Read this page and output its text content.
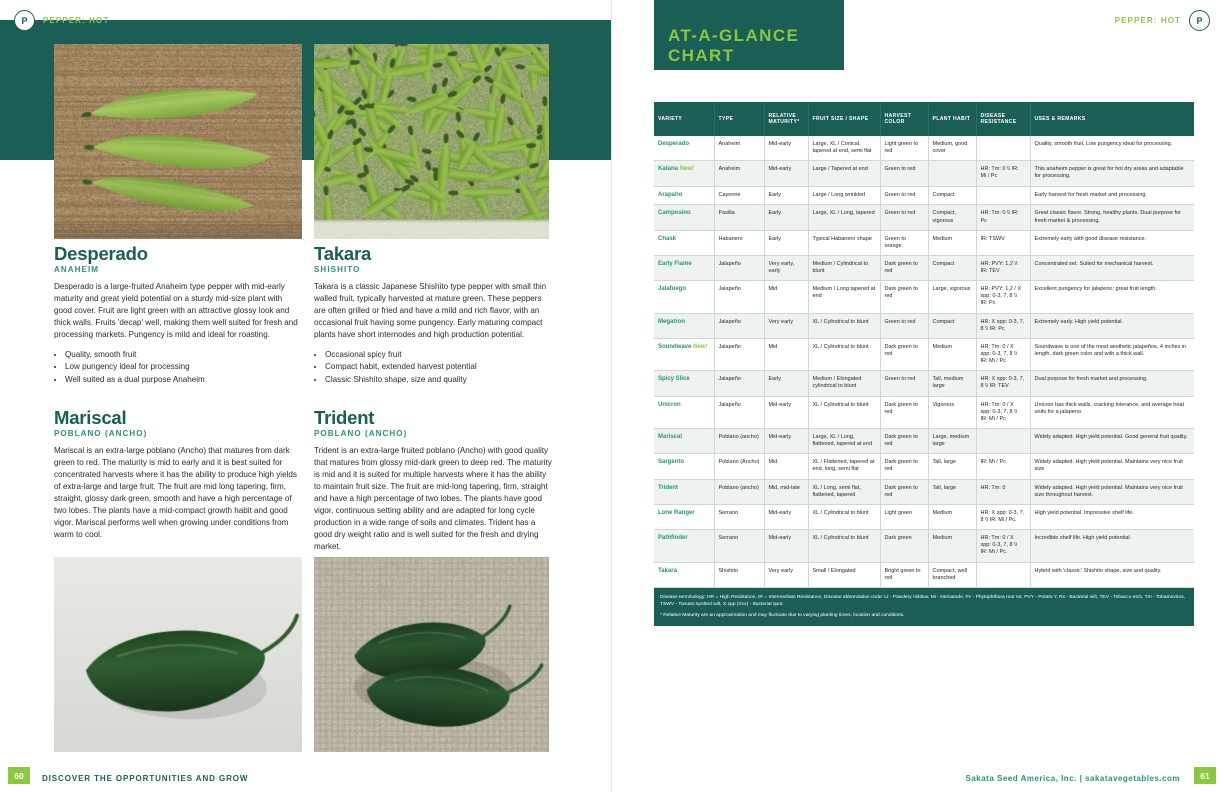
P	PEPPER: HOT
Desperado
ANAHEIM

Desperado is a large-fruited Anaheim type pepper with mid-early maturity and great yield potential on a sturdy mid-size plant with good cover. Fruit are light green with an attractive glossy look and thick walls. Fruits 'decap' well, making them well suited for fresh and processing markets. Pungency is mild and ideal for roasting.

• Quality, smooth fruit
• Low pungency ideal for processing
• Well suited as a dual purpose Anaheim
Takara
SHISHITO

Takara is a classic Japanese Shishito type pepper with small thin walled fruit, typically harvested at mature green. These peppers are often grilled or fried and have a mild and rich flavor, with an occasional fruit having some pungency. Early maturing compact plants have short internodes and high production potential.

• Occasional spicy fruit
• Compact habit, extended harvest potential
• Classic Shishito shape, size and quality
Mariscal
POBLANO (ANCHO)

Mariscal is an extra-large poblano (Ancho) that matures from dark green to red. The maturity is mid to early and it is best suited for concentrated harvests where it has the ability to produce high yields of extra-large and large fruit. The fruit are mid long tapering, firm, straight, glossy dark green, smooth and have a high percentage of two lobes. The plants have a mid-compact growth habit and good vigor. Mariscal performs well when growing under conditions from warm to cool.

Trident
POBLANO (ANCHO)

Trident is an extra-large fruited poblano (Ancho) with good quality that matures from glossy mid-dark green to deep red. The maturity is mid and it is suited for multiple harvests where it has the ability to maintain fruit size. The fruit are mid-long tapering, firm, straight and have a high percentage of two lobes. The plants have good vigor, continuous setting ability and are adapted for long cycle production in a wide range of soils and climates. Trident has a good dry weight ratio and is well suited for the fresh and drying market.

60	DISCOVER THE OPPORTUNITIES AND GROW
PEPPER: HOT	P
AT-A-GLANCE CHART
VARIETY	TYPE	RELATIVE MATURITY*	FRUIT SIZE / SHAPE	HARVEST COLOR	PLANT HABIT	DISEASE RESISTANCE	USES & REMARKS
Desperado	Anaheim	Mid-early	Large, XL / Conical, tapered at end, semi flat	Light green to red	Medium, good cover		Quality, smooth fruit. Low pungency ideal for processing.
Katana New!	Anaheim	Mid-early	Large / Tapered at end	Green to red		HR: Tm: 0 \\ IR: Mi / Pc	This anaheim pepper is great for hot dry areas and adaptable for processing.
Arapaho	Cayenne	Early	Large / Long wrinkled	Green to red	Compact		Early harvest for fresh market and processing.
Camposino	Pasilla	Early	Large, XL / Long, tapered	Green to red	Compact, vigorous	HR: Tm: 0 \\ IR: Pc	Great classic flavor. Strong, healthy plants. Dual purpose for fresh market & processing.
Chask	Habanero	Early	Typical Habanero shape	Green to orange	Medium	IR: TSWV	Extremely early with good disease resistance.
Early Flame	Jalapeño	Very early, early	Medium / Cylindrical to blunt	Dark green to red	Compact	HR: PVY: 1,2 \\ IR: TEV	Concentrated set. Suited for mechanical harvest.
Jalafuego	Jalapeño	Mid	Medium / Long tapered at end	Dark green to red	Large, vigorous	HR: PVY: 1,2 / X spp: 0-3, 7, 8 \\ IR: Pc	Excellent pungency for jalapeno; great fruit length.
Megatron	Jalapeño	Very early	XL / Cylindrical to blunt	Green to red	Compact	HR: X spp: 0-3, 7, 8 \\ IR: Pc	Extremely early. High yield potential.
Soundwave New!	Jalapeño	Mid	XL / Cylindrical to blunt	Dark green to red	Medium	HR: Tm: 0 / X spp: 0-3, 7, 8 \\ IR: Mi / Pc	Soundwave is one of the most aesthetic jalapeños, 4 inches in length, dark green color and with a thick wall.
Spicy Slice	Jalapeño	Early	Medium / Elongated cylindrical to blunt	Green to red	Tall, medium large	HR: X spp: 0-3, 7, 8 \\ IR: TEV	Dual purpose for fresh market and processing.
Unicron	Jalapeño	Mid-early	XL / Cylindrical to blunt	Dark green to red	Vigorous	HR: Tm: 0 / X spp: 0-3, 7, 8 \\ IR: Mi / Pc	Unicron has thick walls, cracking tolerance, and average heat units for a jalapeno.
Mariscal	Poblano (ancho)	Mid-early	Large, XL / Long, flattened, tapered at end	Dark green to red	Large, medium large		Widely adapted. High yield potential. Good general fruit quality.
Sargento	Poblano (Ancho)	Mid	XL / Flattened, tapered at end, long, semi flat	Dark green to red	Tall, large	IR: Mi / Pc	Widely adapted. High yield potential. Maintains very nice fruit size
Trident	Poblano (ancho)	Mid, mid-late	XL / Long, semi flat, flattened, tapered	Dark green to red	Tall, large	HR: Tm: 0	Widely adapted. High yield potential. Maintains very nice fruit size throughout harvest.
Lone Ranger	Serrano	Mid-early	XL / Cylindrical to blunt	Light green	Medium	HR: X spp: 0-3, 7, 8 \\ IR: Mi / Pc.	High yield potential. Impressive shelf life.
Pathfinder	Serrano	Mid-early	XL / Cylindrical to blunt	Dark green	Medium	HR: Tm: 0 / X spp: 0-3, 7, 8 \\ IR: Mi / Pc.	Incredible shelf life. High yield potential.
Takara	Shishito	Very early	Small / Elongated	Bright green to red	Compact, well branched		Hybrid with 'classic' Shishito shape, size and quality.
Disease terminology: HR = High Resistance, IR = Intermediate Resistance, Disease abbreviation code: Lt - Powdery mildew, Mi - Nematode, Pc - Phytophthora root rot, PVY - Potato Y, Rs - Bacterial wilt, TEV - Tobacco etch, Tm - Tobamovirus, TSWV - Tomato spotted wilt, X spp (Xcv) - Bacterial spot.
* Relative Maturity are an approximation and may fluctuate due to varying planting times, location and conditions.
Sakata Seed America, Inc. | sakatavegetables.com	61
